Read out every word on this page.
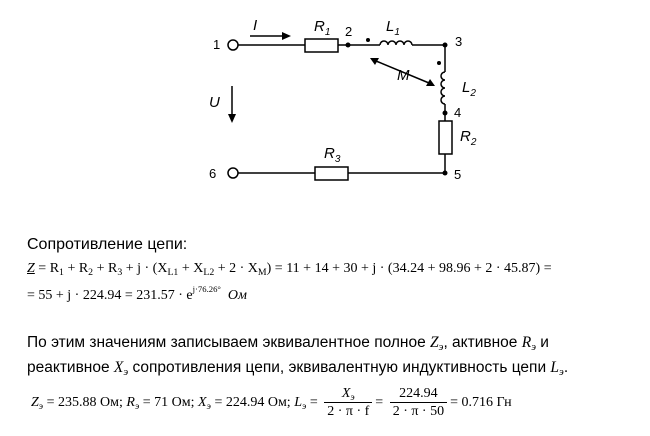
1
2
3
4
5
6
I
U
$R_1$	$L_1$
M
$L_2$
$R_2$
$R_3$
Сопротивление цепи:
$Z = R_1 + R_2 + R_3 + j \cdot (X_{L1} + X_{L2} + 2 \cdot X_M) = 11 + 14 + 30 + j \cdot (34.24 + 98.96 + 2 \cdot 45.87)$ =
= $55 + j \cdot 224.94 = 231.57 \cdot e^{j\cdot 76.26^\circ}$ Ом
По этим значениям записываем эквивалентное полное $Z_э$, активное $R_э$ и
реактивное $X_э$ сопротивления цепи, эквивалентную индуктивность цепи $L_э$.
$Z_э = 235.88$ Ом; $R_э = 71$ Ом; $X_э = 224.94$ Ом; $L_э = \frac{X_э}{2 \cdot \pi \cdot f} = \frac{224.94}{2 \cdot \pi \cdot 50} = 0.716$ Гн
